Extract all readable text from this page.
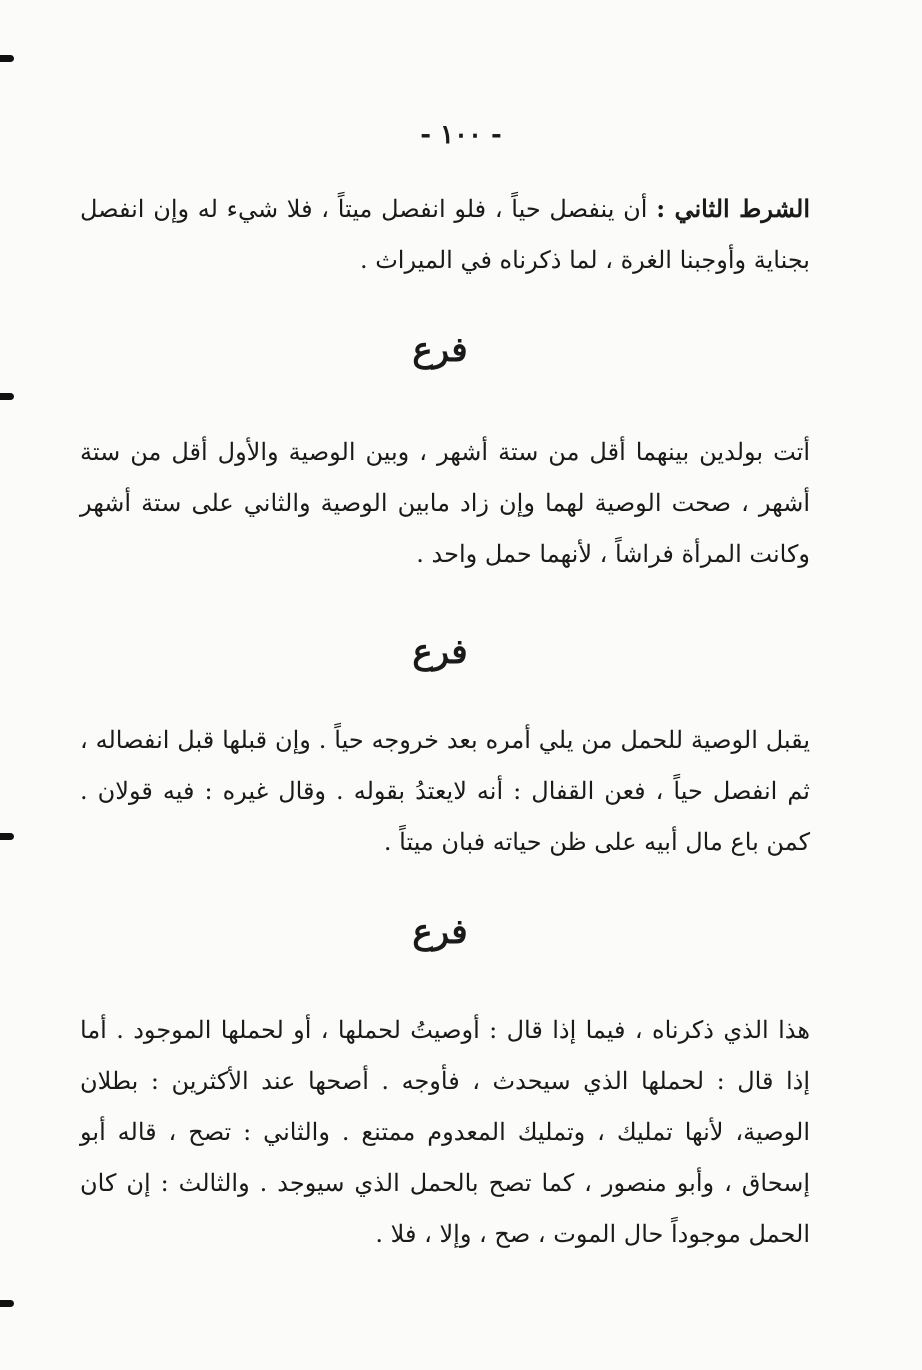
- ١٠٠ -

الشرط الثاني : أن ينفصل حياً ، فلو انفصل ميتاً ، فلا شيء له وإن انفصل بجناية وأوجبنا الغرة ، لما ذكرناه في الميراث .

فرع

أتت بولدين بينهما أقل من ستة أشهر ، وبين الوصية والأول أقل من ستة أشهر ، صحت الوصية لهما وإن زاد مابين الوصية والثاني على ستة أشهر وكانت المرأة فراشاً ، لأنهما حمل واحد .

فرع

يقبل الوصية للحمل من يلي أمره بعد خروجه حياً . وإن قبلها قبل انفصاله ، ثم انفصل حياً ، فعن القفال : أنه لايعتدُ بقوله . وقال غيره : فيه قولان . كمن باع مال أبيه على ظن حياته فبان ميتاً .

فرع

هذا الذي ذكرناه ، فيما إذا قال : أوصيتُ لحملها ، أو لحملها الموجود . أما إذا قال : لحملها الذي سيحدث ، فأوجه . أصحها عند الأكثرين : بطلان الوصية، لأنها تمليك ، وتمليك المعدوم ممتنع . والثاني : تصح ، قاله أبو إسحاق ، وأبو منصور ، كما تصح بالحمل الذي سيوجد . والثالث : إن كان الحمل موجوداً حال الموت ، صح ، وإلا ، فلا .
